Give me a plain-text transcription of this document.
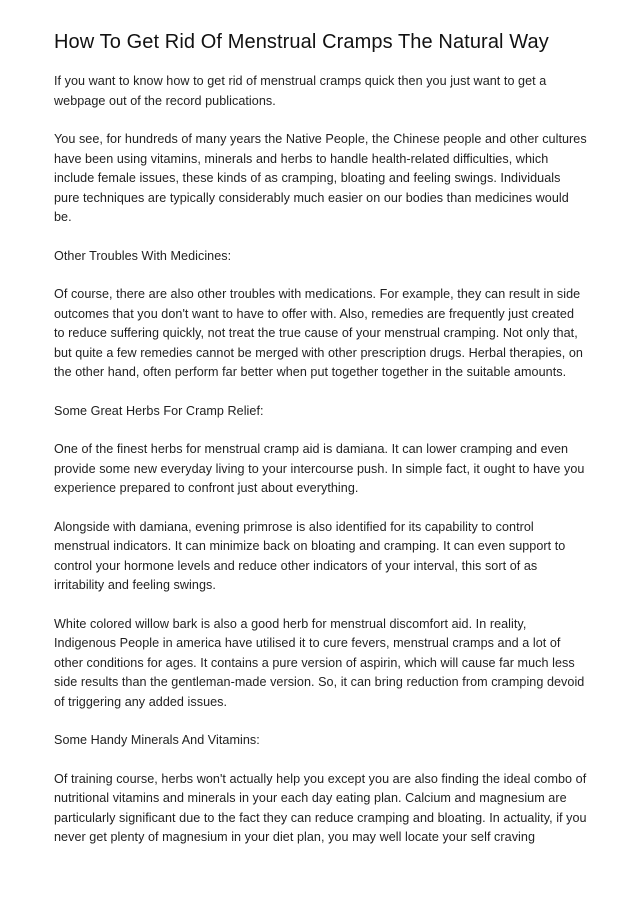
How To Get Rid Of Menstrual Cramps The Natural Way

If you want to know how to get rid of menstrual cramps quick then you just want to get a webpage out of the record publications.

You see, for hundreds of many years the Native People, the Chinese people and other cultures have been using vitamins, minerals and herbs to handle health-related difficulties, which include female issues, these kinds of as cramping, bloating and feeling swings. Individuals pure techniques are typically considerably much easier on our bodies than medicines would be.

Other Troubles With Medicines:

Of course, there are also other troubles with medications. For example, they can result in side outcomes that you don't want to have to offer with. Also, remedies are frequently just created to reduce suffering quickly, not treat the true cause of your menstrual cramping. Not only that, but quite a few remedies cannot be merged with other prescription drugs. Herbal therapies, on the other hand, often perform far better when put together together in the suitable amounts.

Some Great Herbs For Cramp Relief:

One of the finest herbs for menstrual cramp aid is damiana. It can lower cramping and even provide some new everyday living to your intercourse push. In simple fact, it ought to have you experience prepared to confront just about everything.

Alongside with damiana, evening primrose is also identified for its capability to control menstrual indicators. It can minimize back on bloating and cramping. It can even support to control your hormone levels and reduce other indicators of your interval, this sort of as irritability and feeling swings.

White colored willow bark is also a good herb for menstrual discomfort aid. In reality, Indigenous People in america have utilised it to cure fevers, menstrual cramps and a lot of other conditions for ages. It contains a pure version of aspirin, which will cause far much less side results than the gentleman-made version. So, it can bring reduction from cramping devoid of triggering any added issues.

Some Handy Minerals And Vitamins:

Of training course, herbs won't actually help you except you are also finding the ideal combo of nutritional vitamins and minerals in your each day eating plan. Calcium and magnesium are particularly significant due to the fact they can reduce cramping and bloating. In actuality, if you never get plenty of magnesium in your diet plan, you may well locate your self craving
